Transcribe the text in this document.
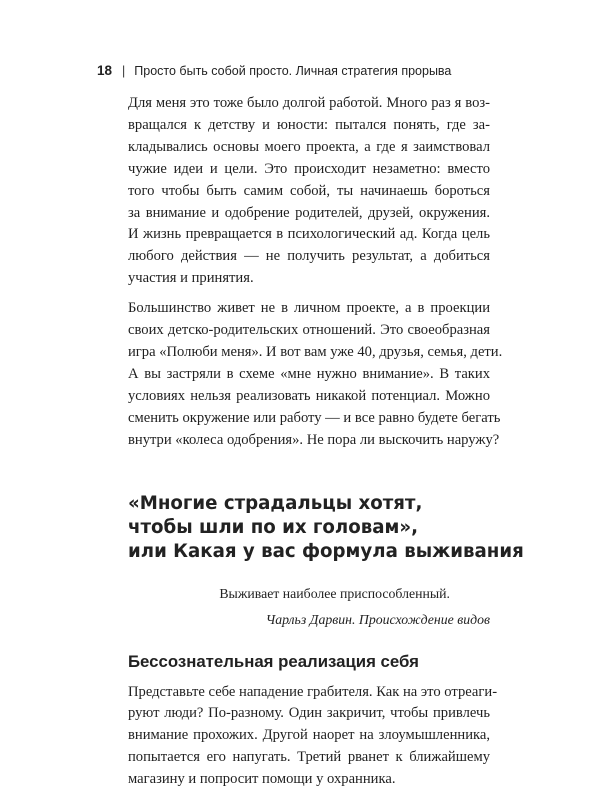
18 | Просто быть собой просто. Личная стратегия прорыва

Для меня это тоже было долгой работой. Много раз я воз-
вращался к детству и юности: пытался понять, где за-
кладывались основы моего проекта, а где я заимствовал
чужие идеи и цели. Это происходит незаметно: вместо
того чтобы быть самим собой, ты начинаешь бороться
за внимание и одобрение родителей, друзей, окружения.
И жизнь превращается в психологический ад. Когда цель
любого действия — не получить результат, а добиться
участия и принятия.

Большинство живет не в личном проекте, а в проекции
своих детско-родительских отношений. Это своеобразная
игра «Полюби меня». И вот вам уже 40, друзья, семья, дети.
А вы застряли в схеме «мне нужно внимание». В таких
условиях нельзя реализовать никакой потенциал. Можно
сменить окружение или работу — и все равно будете бегать
внутри «колеса одобрения». Не пора ли выскочить наружу?

«Многие страдальцы хотят,
чтобы шли по их головам»,
или Какая у вас формула выживания
Выживает наиболее приспособленный.
Чарльз Дарвин. Происхождение видов
Бессознательная реализация себя

Представьте себе нападение грабителя. Как на это отреаги-
руют люди? По-разному. Один закричит, чтобы привлечь
внимание прохожих. Другой наорет на злоумышленника,
попытается его напугать. Третий рванет к ближайшему
магазину и попросит помощи у охранника.
